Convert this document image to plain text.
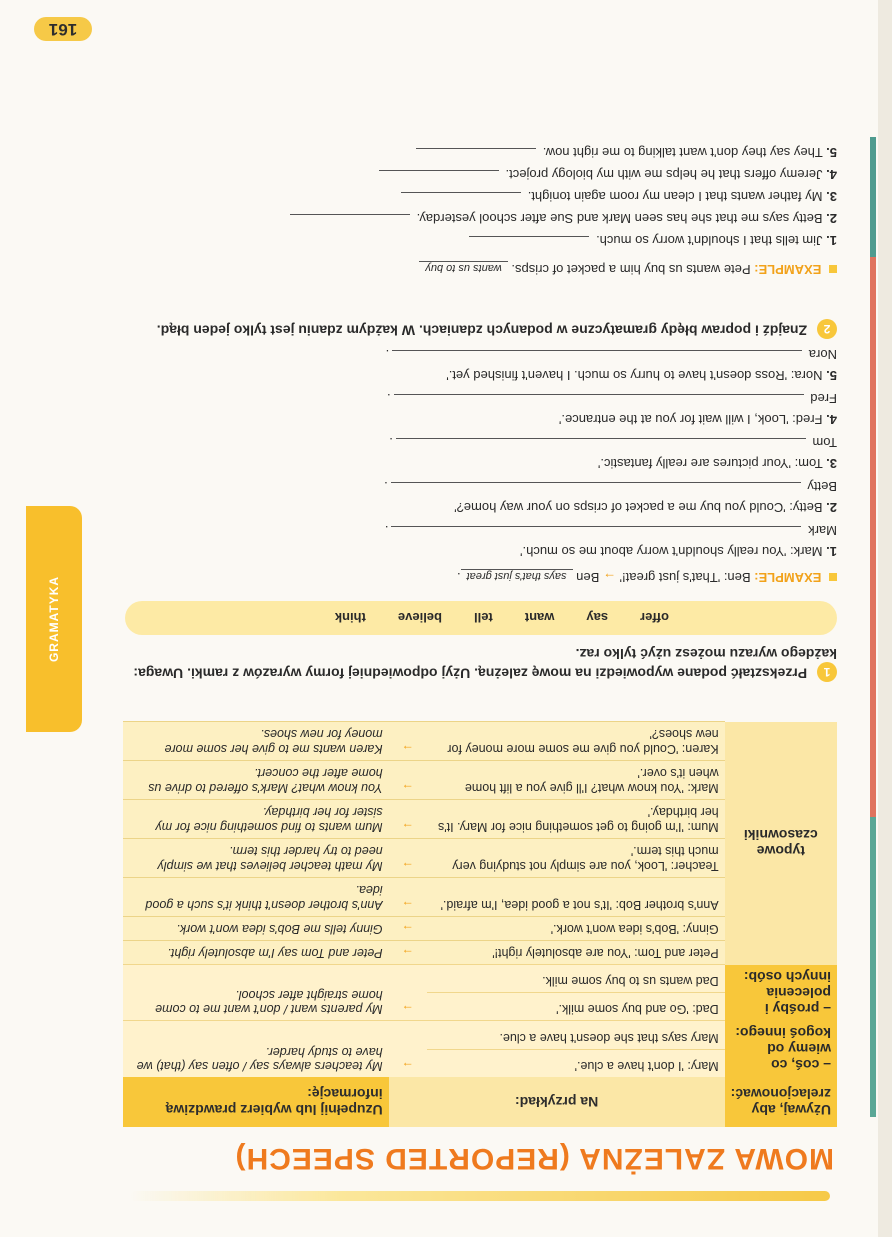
MOWA ZALEŻNA (REPORTED SPEECH)
GRAMATYKA
Używaj, aby zrelacjonować:	Na przykład:		Uzupełnij lub wybierz prawdziwą informację:
– coś, co wiemy od kogoś innego:	Mary: 'I don't have a clue.'	→	My teachers always say / often say (that) we have to study harder.
	Mary says that she doesn't have a clue.		
– prośby i polecenia innych osób:	Dad: 'Go and buy some milk.'	→	My parents want / don't want me to come home straight after school.
	Dad wants us to buy some milk.		
typowe czasowniki	Peter and Tom: 'You are absolutely right!'	→	Peter and Tom say I'm absolutely right.
	Ginny: 'Bob's idea won't work.'	→	Ginny tells me Bob's idea won't work.
	Ann's brother Bob: 'It's not a good idea, I'm afraid.'	→	Ann's brother doesn't think it's such a good idea.
	Teacher: 'Look, you are simply not studying very much this term.'	→	My math teacher believes that we simply need to try harder this term.
	Mum: 'I'm going to get something nice for Mary. It's her birthday.'	→	Mum wants to find something nice for my sister for her birthday.
	Mark: 'You know what? I'll give you a lift home when it's over.'	→	You know what? Mark's offered to drive us home after the concert.
	Karen: 'Could you give me some more money for new shoes?'	→	Karen wants me to give her some more money for new shoes.
1 Przekształć podane wypowiedzi na mowę zależną. Użyj odpowiedniej formy wyrazów z ramki. Uwaga: każdego wyrazu możesz użyć tylko raz.
offer
say
want
tell
believe
think
EXAMPLE: Ben: 'That's just great!' → Ben says that's just great.
1. Mark: 'You really shouldn't worry about me so much.'
Mark .
2. Betty: 'Could you buy me a packet of crisps on your way home?'
Betty .
3. Tom: 'Your pictures are really fantastic.'
Tom .
4. Fred: 'Look, I will wait for you at the entrance.'
Fred .
5. Nora: 'Ross doesn't have to hurry so much. I haven't finished yet.'
Nora .
2 Znajdź i popraw błędy gramatyczne w podanych zdaniach. W każdym zdaniu jest tylko jeden błąd.
EXAMPLE: Pete wants us buy him a packet of crisps. wants us to buy
1. Jim tells that I shouldn't worry so much.
2. Betty says me that she has seen Mark and Sue after school yesterday.
3. My father wants that I clean my room again tonight.
4. Jeremy offers that he helps me with my biology project.
5. They say they don't want talking to me right now.
161
